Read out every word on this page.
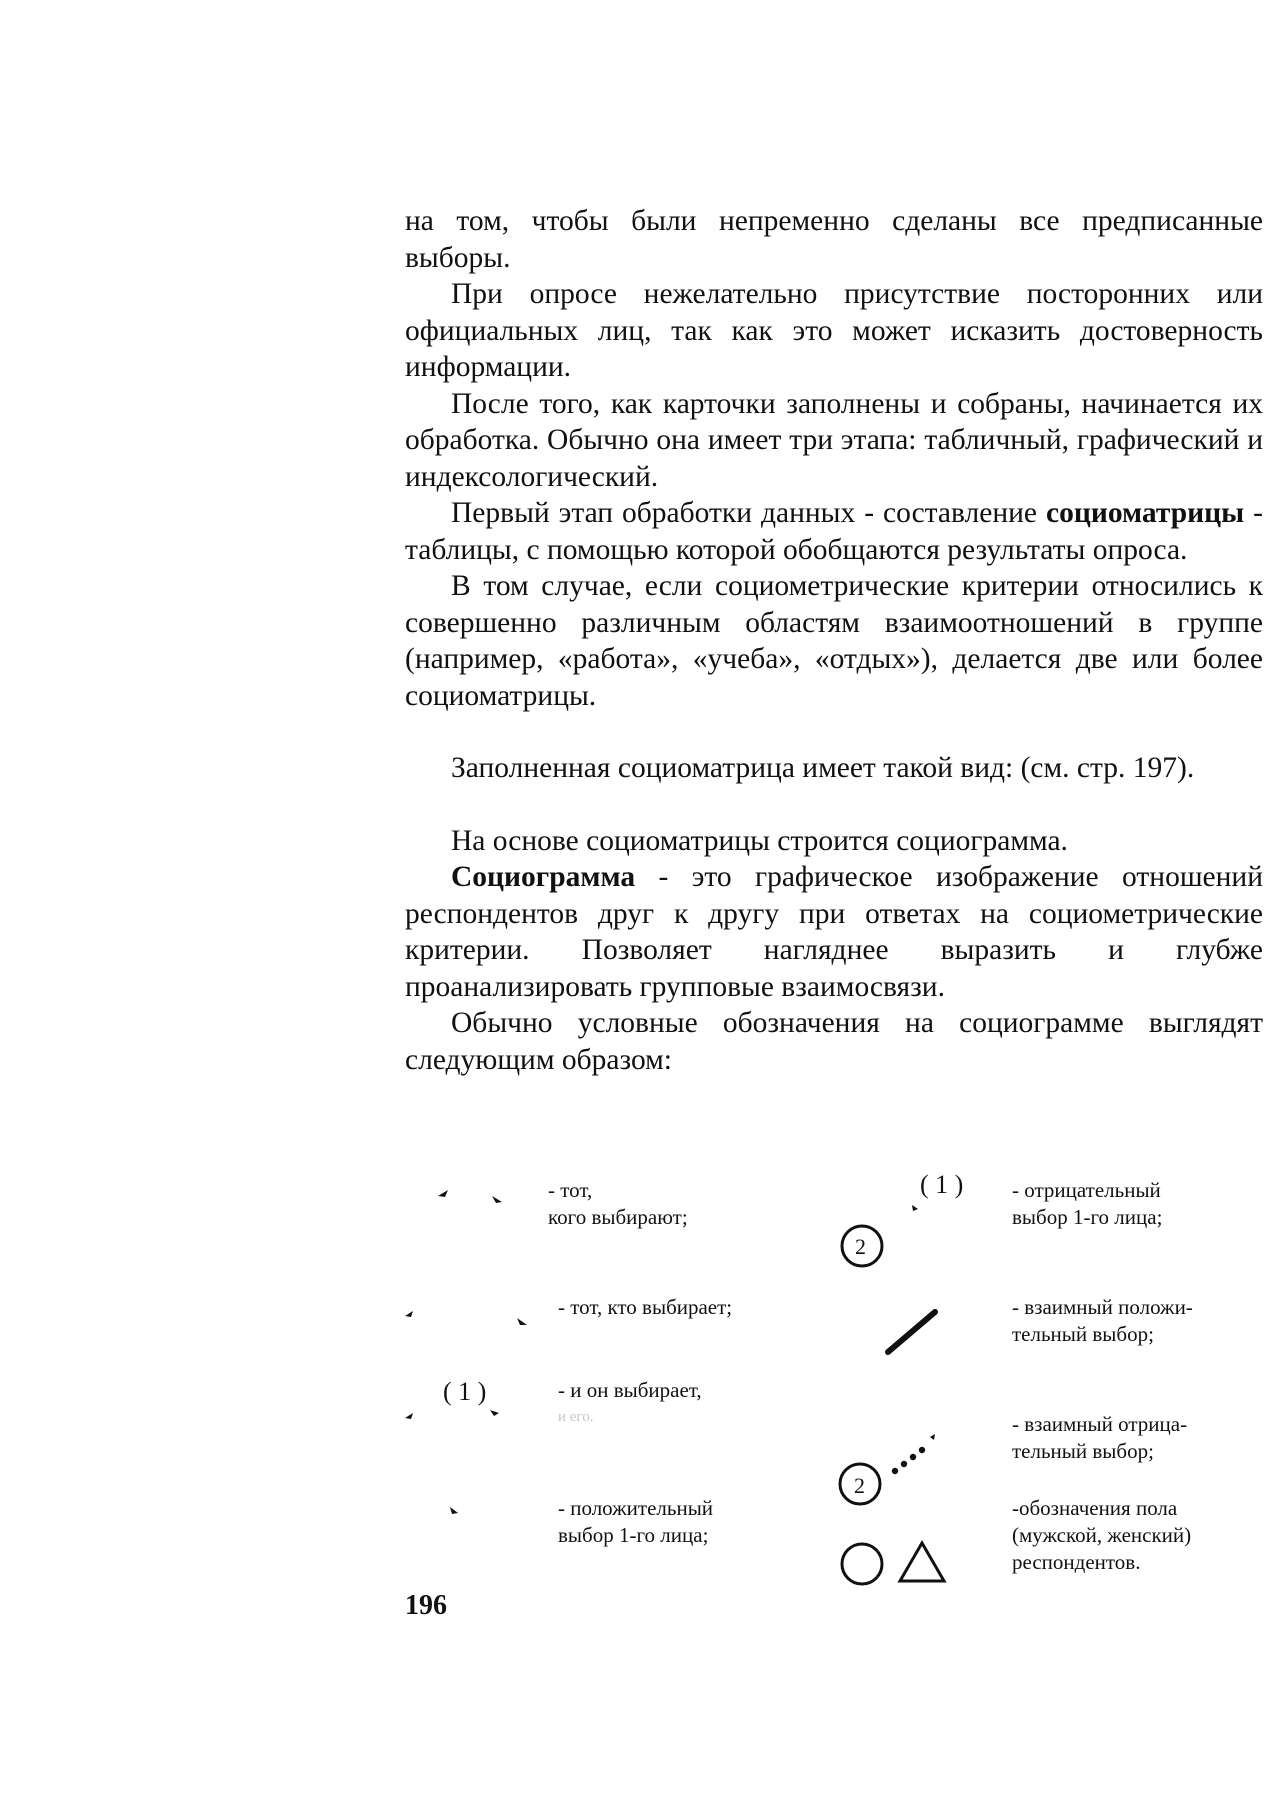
на том, чтобы были непременно сделаны все предписанные выборы.

При опросе нежелательно присутствие посторонних или официальных лиц, так как это может исказить достоверность информации.

После того, как карточки заполнены и собраны, начинается их обработка. Обычно она имеет три этапа: табличный, графический и индексологический.

Первый этап обработки данных - составление социоматрицы - таблицы, с помощью которой обобщаются результаты опроса.

В том случае, если социометрические критерии относились к совершенно различным областям взаимоотношений в группе (например, «работа», «учеба», «отдых»), делается две или более социоматрицы.

Заполненная социоматрица имеет такой вид: (см. стр. 197).

На основе социоматрицы строится социограмма.

Социограмма - это графическое изображение отношений респондентов друг к другу при ответах на социометрические критерии. Позволяет нагляднее выразить и глубже проанализировать групповые взаимосвязи.

Обычно условные обозначения на социограмме выглядят следующим образом:

2
2
( 1 )
( 1 )
- тот,
кого выбирают;
- тот, кто выбирает;
- и он выбирает,
и его.
- положительный
выбор 1-го лица;
- отрицательный
выбор 1-го лица;
- взаимный положи-
тельный выбор;
- взаимный отрица-
тельный выбор;
-обозначения пола
(мужской, женский)
респондентов.
196
